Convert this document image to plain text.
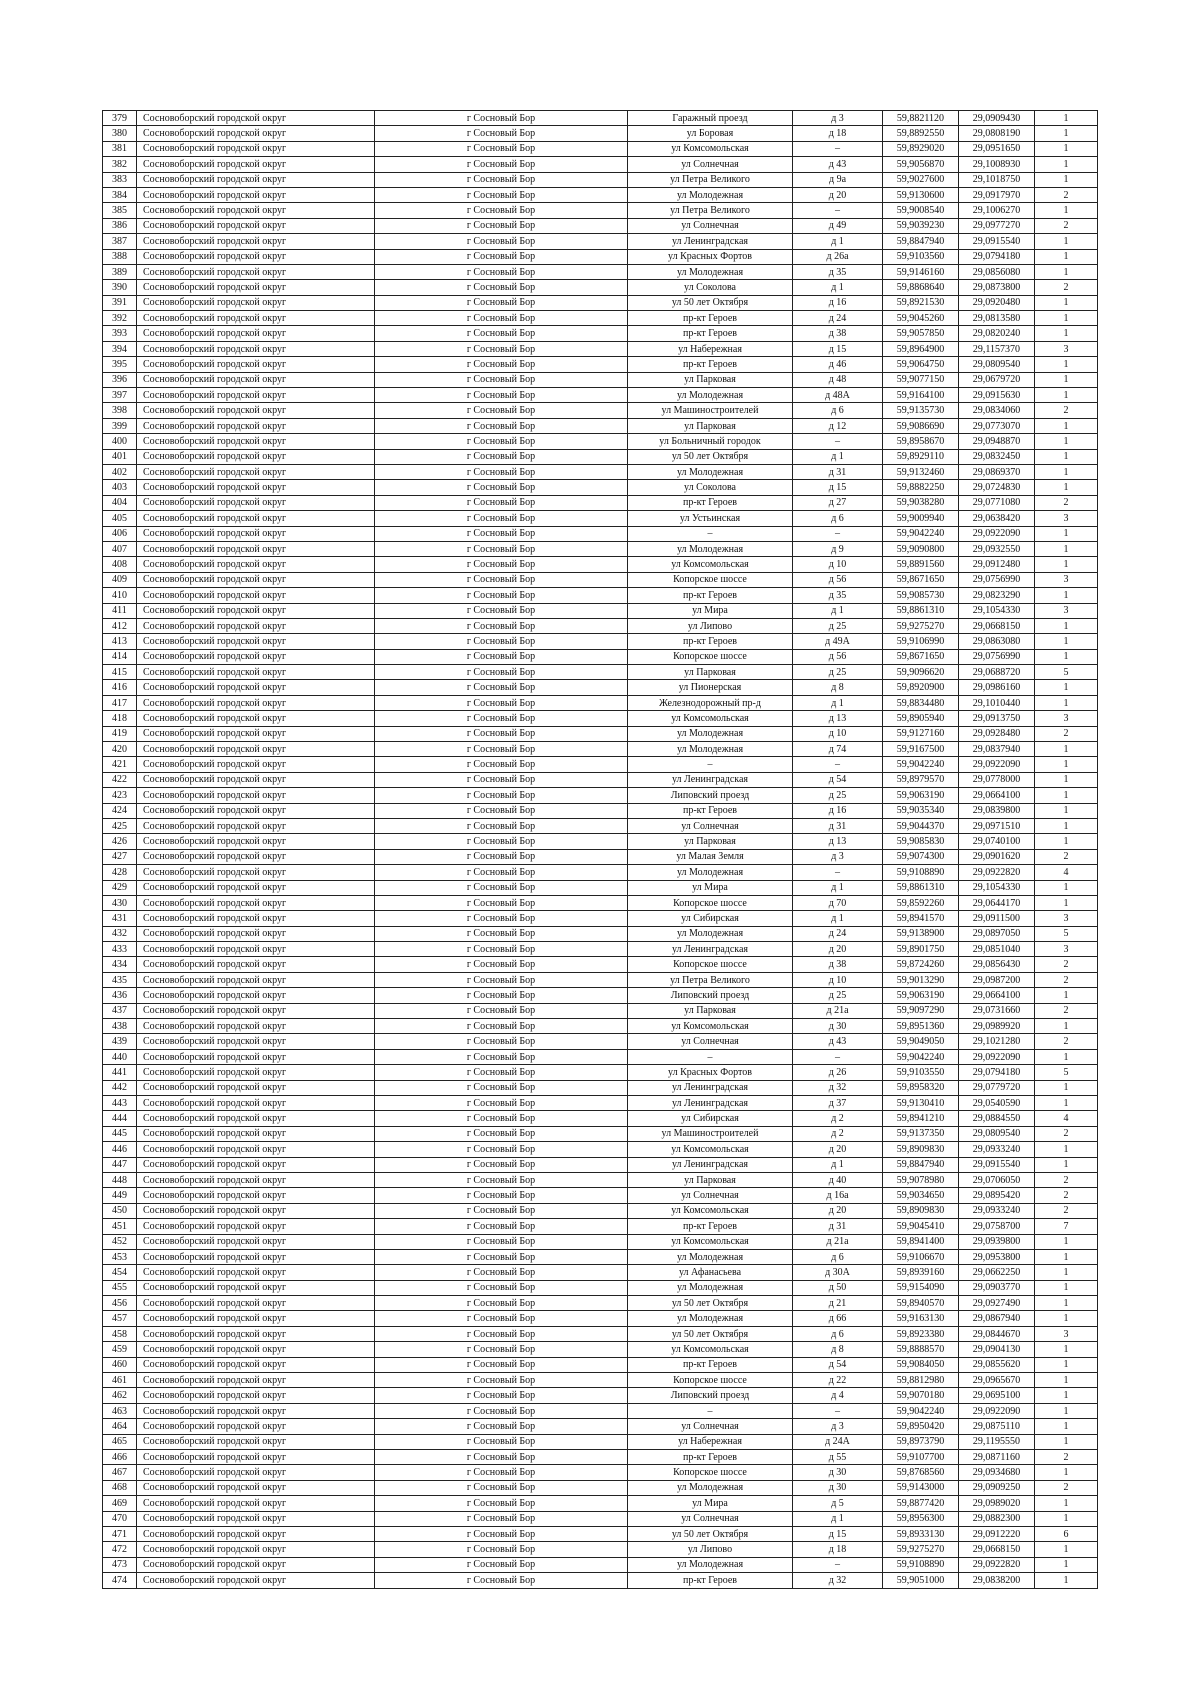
379	Сосновоборский городской округ	г Сосновый Бор	Гаражный проезд	д 3	59,8821120	29,0909430	1
380	Сосновоборский городской округ	г Сосновый Бор	ул Боровая	д 18	59,8892550	29,0808190	1
381	Сосновоборский городской округ	г Сосновый Бор	ул Комсомольская	–	59,8929020	29,0951650	1
382	Сосновоборский городской округ	г Сосновый Бор	ул Солнечная	д 43	59,9056870	29,1008930	1
383	Сосновоборский городской округ	г Сосновый Бор	ул Петра Великого	д 9а	59,9027600	29,1018750	1
384	Сосновоборский городской округ	г Сосновый Бор	ул Молодежная	д 20	59,9130600	29,0917970	2
385	Сосновоборский городской округ	г Сосновый Бор	ул Петра Великого	–	59,9008540	29,1006270	1
386	Сосновоборский городской округ	г Сосновый Бор	ул Солнечная	д 49	59,9039230	29,0977270	2
387	Сосновоборский городской округ	г Сосновый Бор	ул Ленинградская	д 1	59,8847940	29,0915540	1
388	Сосновоборский городской округ	г Сосновый Бор	ул Красных Фортов	д 26а	59,9103560	29,0794180	1
389	Сосновоборский городской округ	г Сосновый Бор	ул Молодежная	д 35	59,9146160	29,0856080	1
390	Сосновоборский городской округ	г Сосновый Бор	ул Соколова	д 1	59,8868640	29,0873800	2
391	Сосновоборский городской округ	г Сосновый Бор	ул 50 лет Октября	д 16	59,8921530	29,0920480	1
392	Сосновоборский городской округ	г Сосновый Бор	пр-кт Героев	д 24	59,9045260	29,0813580	1
393	Сосновоборский городской округ	г Сосновый Бор	пр-кт Героев	д 38	59,9057850	29,0820240	1
394	Сосновоборский городской округ	г Сосновый Бор	ул Набережная	д 15	59,8964900	29,1157370	3
395	Сосновоборский городской округ	г Сосновый Бор	пр-кт Героев	д 46	59,9064750	29,0809540	1
396	Сосновоборский городской округ	г Сосновый Бор	ул Парковая	д 48	59,9077150	29,0679720	1
397	Сосновоборский городской округ	г Сосновый Бор	ул Молодежная	д 48А	59,9164100	29,0915630	1
398	Сосновоборский городской округ	г Сосновый Бор	ул Машиностроителей	д 6	59,9135730	29,0834060	2
399	Сосновоборский городской округ	г Сосновый Бор	ул Парковая	д 12	59,9086690	29,0773070	1
400	Сосновоборский городской округ	г Сосновый Бор	ул Больничный городок	–	59,8958670	29,0948870	1
401	Сосновоборский городской округ	г Сосновый Бор	ул 50 лет Октября	д 1	59,8929110	29,0832450	1
402	Сосновоборский городской округ	г Сосновый Бор	ул Молодежная	д 31	59,9132460	29,0869370	1
403	Сосновоборский городской округ	г Сосновый Бор	ул Соколова	д 15	59,8882250	29,0724830	1
404	Сосновоборский городской округ	г Сосновый Бор	пр-кт Героев	д 27	59,9038280	29,0771080	2
405	Сосновоборский городской округ	г Сосновый Бор	ул Устьинская	д 6	59,9009940	29,0638420	3
406	Сосновоборский городской округ	г Сосновый Бор	–	–	59,9042240	29,0922090	1
407	Сосновоборский городской округ	г Сосновый Бор	ул Молодежная	д 9	59,9090800	29,0932550	1
408	Сосновоборский городской округ	г Сосновый Бор	ул Комсомольская	д 10	59,8891560	29,0912480	1
409	Сосновоборский городской округ	г Сосновый Бор	Копорское шоссе	д 56	59,8671650	29,0756990	3
410	Сосновоборский городской округ	г Сосновый Бор	пр-кт Героев	д 35	59,9085730	29,0823290	1
411	Сосновоборский городской округ	г Сосновый Бор	ул Мира	д 1	59,8861310	29,1054330	3
412	Сосновоборский городской округ	г Сосновый Бор	ул Липово	д 25	59,9275270	29,0668150	1
413	Сосновоборский городской округ	г Сосновый Бор	пр-кт Героев	д 49А	59,9106990	29,0863080	1
414	Сосновоборский городской округ	г Сосновый Бор	Копорское шоссе	д 56	59,8671650	29,0756990	1
415	Сосновоборский городской округ	г Сосновый Бор	ул Парковая	д 25	59,9096620	29,0688720	5
416	Сосновоборский городской округ	г Сосновый Бор	ул Пионерская	д 8	59,8920900	29,0986160	1
417	Сосновоборский городской округ	г Сосновый Бор	Железнодорожный пр-д	д 1	59,8834480	29,1010440	1
418	Сосновоборский городской округ	г Сосновый Бор	ул Комсомольская	д 13	59,8905940	29,0913750	3
419	Сосновоборский городской округ	г Сосновый Бор	ул Молодежная	д 10	59,9127160	29,0928480	2
420	Сосновоборский городской округ	г Сосновый Бор	ул Молодежная	д 74	59,9167500	29,0837940	1
421	Сосновоборский городской округ	г Сосновый Бор	–	–	59,9042240	29,0922090	1
422	Сосновоборский городской округ	г Сосновый Бор	ул Ленинградская	д 54	59,8979570	29,0778000	1
423	Сосновоборский городской округ	г Сосновый Бор	Липовский проезд	д 25	59,9063190	29,0664100	1
424	Сосновоборский городской округ	г Сосновый Бор	пр-кт Героев	д 16	59,9035340	29,0839800	1
425	Сосновоборский городской округ	г Сосновый Бор	ул Солнечная	д 31	59,9044370	29,0971510	1
426	Сосновоборский городской округ	г Сосновый Бор	ул Парковая	д 13	59,9085830	29,0740100	1
427	Сосновоборский городской округ	г Сосновый Бор	ул Малая Земля	д 3	59,9074300	29,0901620	2
428	Сосновоборский городской округ	г Сосновый Бор	ул Молодежная	–	59,9108890	29,0922820	4
429	Сосновоборский городской округ	г Сосновый Бор	ул Мира	д 1	59,8861310	29,1054330	1
430	Сосновоборский городской округ	г Сосновый Бор	Копорское шоссе	д 70	59,8592260	29,0644170	1
431	Сосновоборский городской округ	г Сосновый Бор	ул Сибирская	д 1	59,8941570	29,0911500	3
432	Сосновоборский городской округ	г Сосновый Бор	ул Молодежная	д 24	59,9138900	29,0897050	5
433	Сосновоборский городской округ	г Сосновый Бор	ул Ленинградская	д 20	59,8901750	29,0851040	3
434	Сосновоборский городской округ	г Сосновый Бор	Копорское шоссе	д 38	59,8724260	29,0856430	2
435	Сосновоборский городской округ	г Сосновый Бор	ул Петра Великого	д 10	59,9013290	29,0987200	2
436	Сосновоборский городской округ	г Сосновый Бор	Липовский проезд	д 25	59,9063190	29,0664100	1
437	Сосновоборский городской округ	г Сосновый Бор	ул Парковая	д 21а	59,9097290	29,0731660	2
438	Сосновоборский городской округ	г Сосновый Бор	ул Комсомольская	д 30	59,8951360	29,0989920	1
439	Сосновоборский городской округ	г Сосновый Бор	ул Солнечная	д 43	59,9049050	29,1021280	2
440	Сосновоборский городской округ	г Сосновый Бор	–	–	59,9042240	29,0922090	1
441	Сосновоборский городской округ	г Сосновый Бор	ул Красных Фортов	д 26	59,9103550	29,0794180	5
442	Сосновоборский городской округ	г Сосновый Бор	ул Ленинградская	д 32	59,8958320	29,0779720	1
443	Сосновоборский городской округ	г Сосновый Бор	ул Ленинградская	д 37	59,9130410	29,0540590	1
444	Сосновоборский городской округ	г Сосновый Бор	ул Сибирская	д 2	59,8941210	29,0884550	4
445	Сосновоборский городской округ	г Сосновый Бор	ул Машиностроителей	д 2	59,9137350	29,0809540	2
446	Сосновоборский городской округ	г Сосновый Бор	ул Комсомольская	д 20	59,8909830	29,0933240	1
447	Сосновоборский городской округ	г Сосновый Бор	ул Ленинградская	д 1	59,8847940	29,0915540	1
448	Сосновоборский городской округ	г Сосновый Бор	ул Парковая	д 40	59,9078980	29,0706050	2
449	Сосновоборский городской округ	г Сосновый Бор	ул Солнечная	д 16а	59,9034650	29,0895420	2
450	Сосновоборский городской округ	г Сосновый Бор	ул Комсомольская	д 20	59,8909830	29,0933240	2
451	Сосновоборский городской округ	г Сосновый Бор	пр-кт Героев	д 31	59,9045410	29,0758700	7
452	Сосновоборский городской округ	г Сосновый Бор	ул Комсомольская	д 21а	59,8941400	29,0939800	1
453	Сосновоборский городской округ	г Сосновый Бор	ул Молодежная	д 6	59,9106670	29,0953800	1
454	Сосновоборский городской округ	г Сосновый Бор	ул Афанасьева	д 30А	59,8939160	29,0662250	1
455	Сосновоборский городской округ	г Сосновый Бор	ул Молодежная	д 50	59,9154090	29,0903770	1
456	Сосновоборский городской округ	г Сосновый Бор	ул 50 лет Октября	д 21	59,8940570	29,0927490	1
457	Сосновоборский городской округ	г Сосновый Бор	ул Молодежная	д 66	59,9163130	29,0867940	1
458	Сосновоборский городской округ	г Сосновый Бор	ул 50 лет Октября	д 6	59,8923380	29,0844670	3
459	Сосновоборский городской округ	г Сосновый Бор	ул Комсомольская	д 8	59,8888570	29,0904130	1
460	Сосновоборский городской округ	г Сосновый Бор	пр-кт Героев	д 54	59,9084050	29,0855620	1
461	Сосновоборский городской округ	г Сосновый Бор	Копорское шоссе	д 22	59,8812980	29,0965670	1
462	Сосновоборский городской округ	г Сосновый Бор	Липовский проезд	д 4	59,9070180	29,0695100	1
463	Сосновоборский городской округ	г Сосновый Бор	–	–	59,9042240	29,0922090	1
464	Сосновоборский городской округ	г Сосновый Бор	ул Солнечная	д 3	59,8950420	29,0875110	1
465	Сосновоборский городской округ	г Сосновый Бор	ул Набережная	д 24А	59,8973790	29,1195550	1
466	Сосновоборский городской округ	г Сосновый Бор	пр-кт Героев	д 55	59,9107700	29,0871160	2
467	Сосновоборский городской округ	г Сосновый Бор	Копорское шоссе	д 30	59,8768560	29,0934680	1
468	Сосновоборский городской округ	г Сосновый Бор	ул Молодежная	д 30	59,9143000	29,0909250	2
469	Сосновоборский городской округ	г Сосновый Бор	ул Мира	д 5	59,8877420	29,0989020	1
470	Сосновоборский городской округ	г Сосновый Бор	ул Солнечная	д 1	59,8956300	29,0882300	1
471	Сосновоборский городской округ	г Сосновый Бор	ул 50 лет Октября	д 15	59,8933130	29,0912220	6
472	Сосновоборский городской округ	г Сосновый Бор	ул Липово	д 18	59,9275270	29,0668150	1
473	Сосновоборский городской округ	г Сосновый Бор	ул Молодежная	–	59,9108890	29,0922820	1
474	Сосновоборский городской округ	г Сосновый Бор	пр-кт Героев	д 32	59,9051000	29,0838200	1
